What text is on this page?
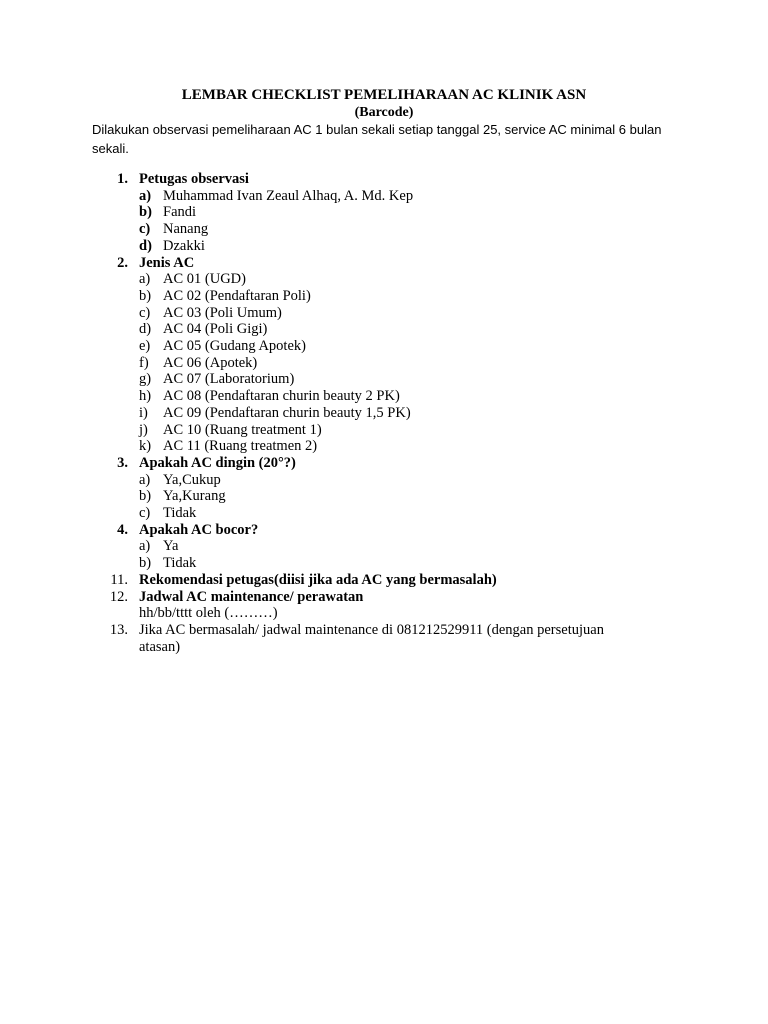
LEMBAR CHECKLIST PEMELIHARAAN AC KLINIK ASN
(Barcode)
Dilakukan observasi pemeliharaan AC 1 bulan sekali setiap tanggal 25, service AC minimal 6 bulan sekali.
1. Petugas observasi
a) Muhammad Ivan Zeaul Alhaq, A. Md. Kep
b) Fandi
c) Nanang
d) Dzakki
2. Jenis AC
a) AC 01 (UGD)
b) AC 02 (Pendaftaran Poli)
c) AC 03 (Poli Umum)
d) AC 04 (Poli Gigi)
e) AC 05 (Gudang Apotek)
f) AC 06 (Apotek)
g) AC 07 (Laboratorium)
h) AC 08 (Pendaftaran churin beauty 2 PK)
i) AC 09 (Pendaftaran churin beauty 1,5 PK)
j) AC 10 (Ruang treatment 1)
k) AC 11 (Ruang treatmen 2)
3. Apakah AC dingin (20°?)
a) Ya,Cukup
b) Ya,Kurang
c) Tidak
4. Apakah AC bocor?
a) Ya
b) Tidak
11. Rekomendasi petugas(diisi jika ada AC yang bermasalah)
12. Jadwal AC maintenance/ perawatan
hh/bb/tttt oleh (………)
13. Jika AC bermasalah/ jadwal maintenance di 081212529911 (dengan persetujuan
atasan)
